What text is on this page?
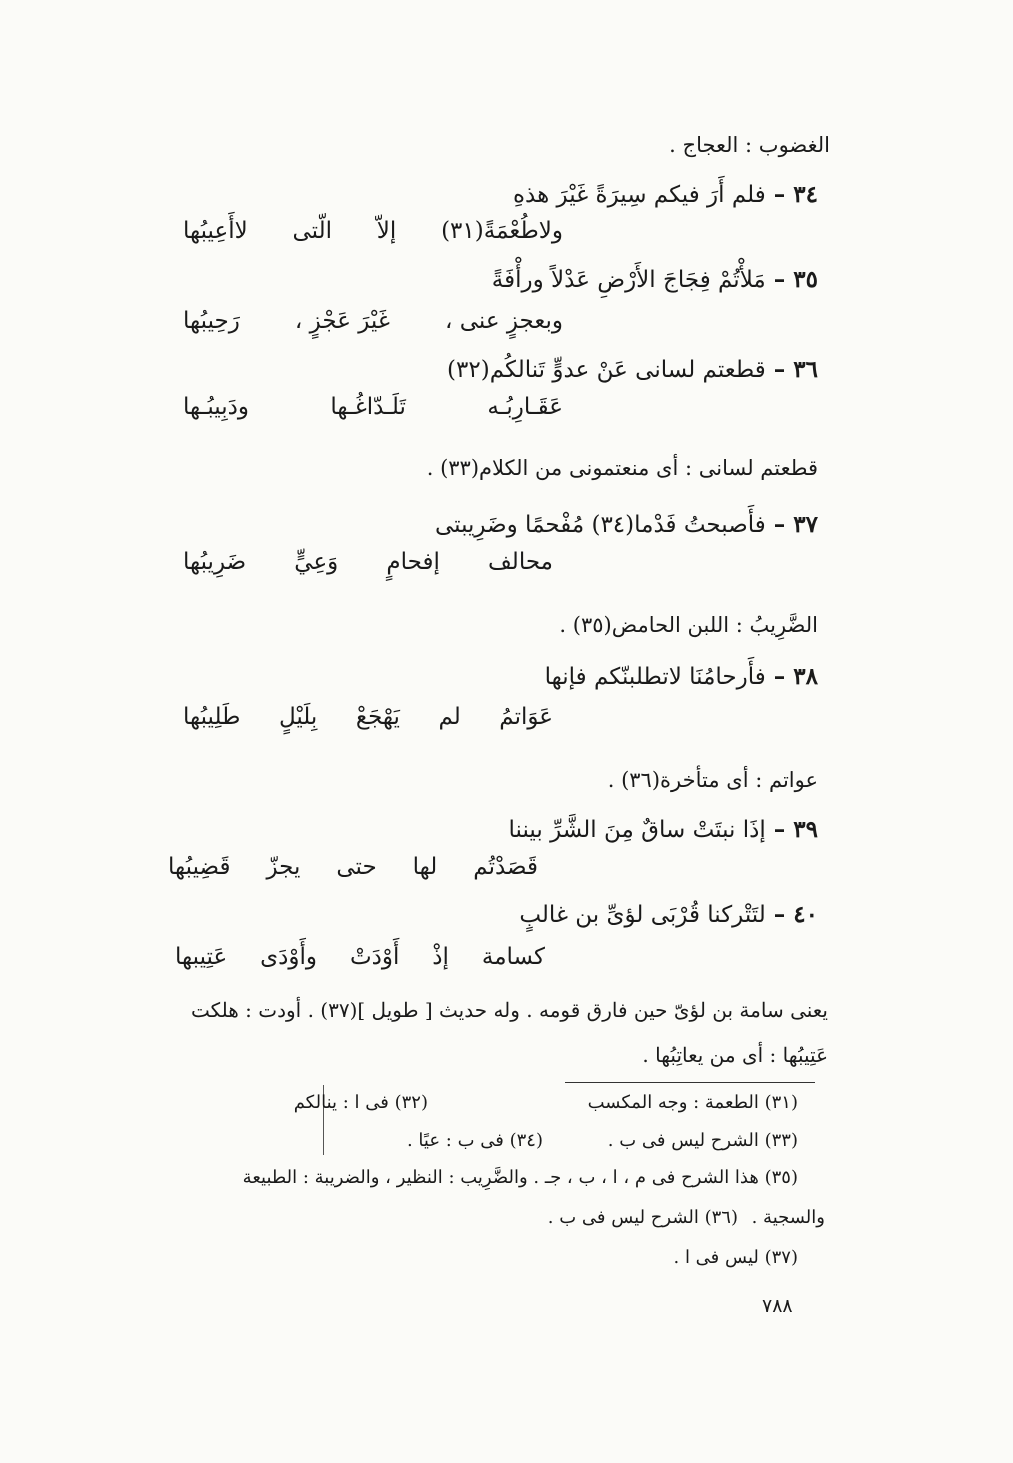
الغضوب : العجاج .
٣٤ –فلم أَرَ فيكم سِيرَةً غَيْرَ هذهِ
ولاطُعْمَةً(٣١)
إلاّ
الّتى
لاأَعِيبُها
٣٥ –مَلأْتُمْ فِجَاجَ الأَرْضِ عَدْلاً ورأْفَةً
وبعجزٍ عنى ،
غَيْرَ عَجْزٍ ،
رَحِيبُها
٣٦ –قطعتم لسانى عَنْ عدوٍّ تَنالكُم(٣٢)
عَقَـارِبُـه
تَلَـدّاغُـها
ودَبِيبُـها
قطعتم لسانى : أى منعتمونى من الكلام(٣٣) .
٣٧ –فأَصبحتُ فَدْما(٣٤) مُفْحمًا وضَرِيبتى
محالف
إفحامٍ
وَعِيٍّ
ضَرِيبُها
الضَّرِيبُ : اللبن الحامض(٣٥) .
٣٨ –فأَرحامُنَا لاتطلبنّكم فإنها
عَوَاتمُ
لم
يَهْجَعْ
بِلَيْلٍ
طَلِيبُها
عواتم : أى متأخرة(٣٦) .
٣٩ –إذَا نبتَتْ ساقٌ مِنَ الشَّرِّ بيننا
قَصَدْتُم
لها
حتى
يجزّ
قَضِيبُها
٤٠ –لتَتْركنا قُرْبَى لؤىِّ بن غالبٍ
كسامة
إذْ
أَوْدَتْ
وأَوْدَى
عَتِيبها
يعنى سامة بن لؤىّ حين فارق قومه . وله حديث [ طويل ](٣٧) . أودت : هلكت
عَتِيبُها : أى من يعاتِبُها .
(٣١) الطعمة : وجه المكسب
(٣٢) فى ا : ينالكم
(٣٣) الشرح ليس فى ب .
(٣٤) فى ب : عيًا .
(٣٥) هذا الشرح فى م ، ا ، ب ، جـ . والضَّرِيب : النظير ، والضريبة : الطبيعة
والسجية .
(٣٦) الشرح ليس فى ب .
(٣٧) ليس فى ا .
٧٨٨
